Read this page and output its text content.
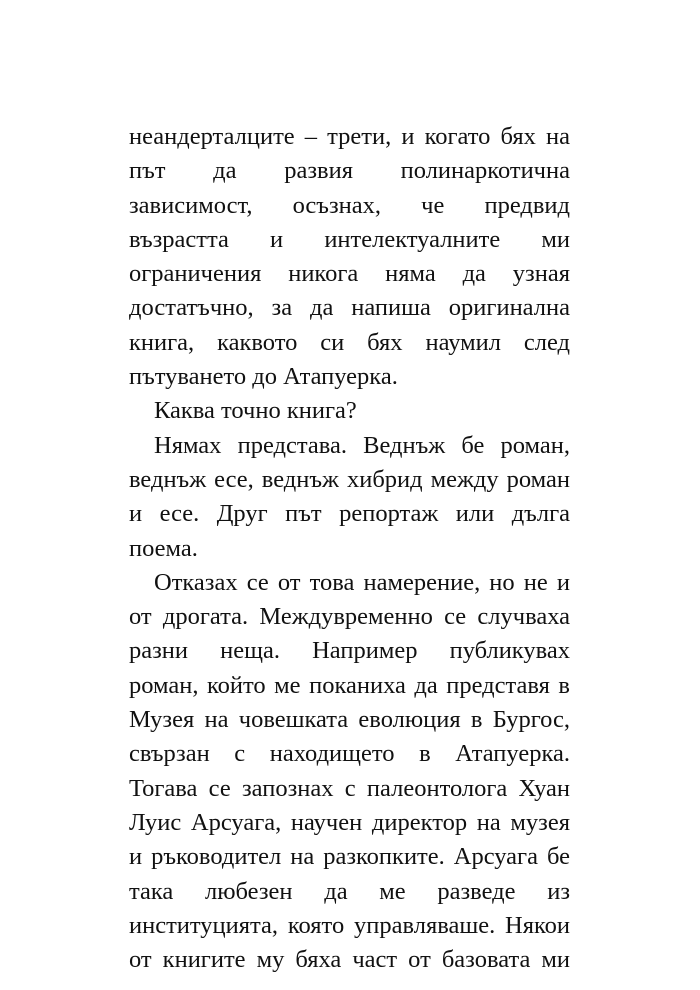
неандерталците – трети, и когато бях на
път да развия полинаркотична
зависимост, осъзнах, че предвид
възрастта и интелектуалните ми
ограничения никога няма да узная
достатъчно, за да напиша оригинална
книга, каквото си бях наумил след
пътуването до Атапуерка.
Каква точно книга?
Нямах представа. Веднъж бе роман,
веднъж есе, веднъж хибрид между роман
и есе. Друг път репортаж или дълга
поема.
Отказах се от това намерение, но не и
от дрогата. Междувременно се случваха
разни неща. Например публикувах
роман, който ме поканиха да представя в
Музея на човешката еволюция в Бургос,
свързан с находището в Атапуерка.
Тогава се запознах с палеонтолога Хуан
Луис Арсуага, научен директор на музея
и ръководител на разкопките. Арсуага бе
така любезен да ме разведе из
институцията, която управляваше. Някои
от книгите му бяха част от базовата ми
